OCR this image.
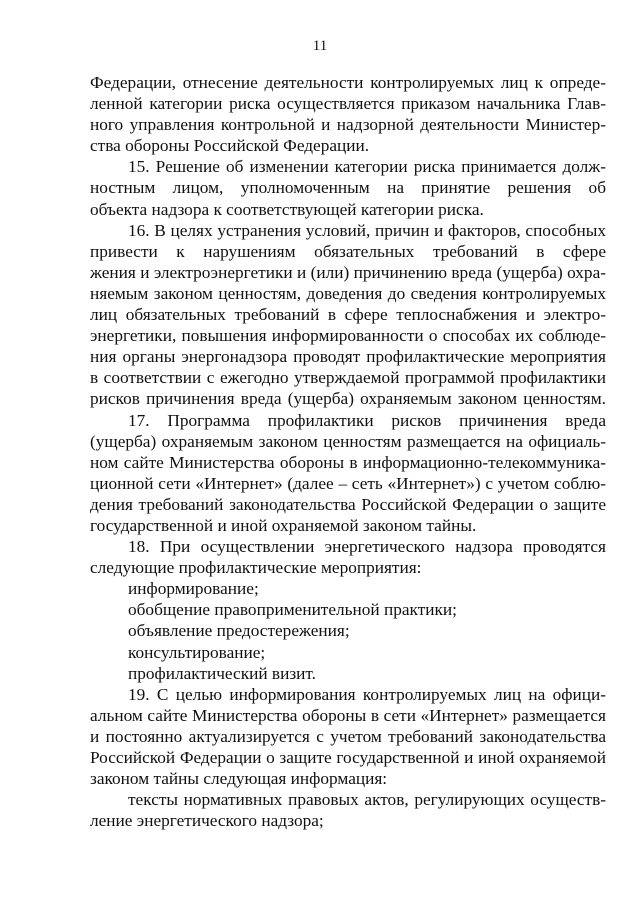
11
Федерации, отнесение деятельности контролируемых лиц к опреде-
ленной категории риска осуществляется приказом начальника Глав-
ного управления контрольной и надзорной деятельности Министер-
ства обороны Российской Федерации.
15. Решение об изменении категории риска принимается долж-
ностным лицом, уполномоченным на принятие решения об
объекта надзора к соответствующей категории риска.
16. В целях устранения условий, причин и факторов, способных
привести к нарушениям обязательных требований в сфере
жения и электроэнергетики и (или) причинению вреда (ущерба) охра-
няемым законом ценностям, доведения до сведения контролируемых
лиц обязательных требований в сфере теплоснабжения и электро-
энергетики, повышения информированности о способах их соблюде-
ния органы энергонадзора проводят профилактические мероприятия
в соответствии с ежегодно утверждаемой программой профилактики
рисков причинения вреда (ущерба) охраняемым законом ценностям.
17. Программа профилактики рисков причинения вреда
(ущерба) охраняемым законом ценностям размещается на официаль-
ном сайте Министерства обороны в информационно-телекоммуника-
ционной сети «Интернет» (далее – сеть «Интернет») с учетом соблю-
дения требований законодательства Российской Федерации о защите
государственной и иной охраняемой законом тайны.
18. При осуществлении энергетического надзора проводятся
следующие профилактические мероприятия:
информирование;
обобщение правоприменительной практики;
объявление предостережения;
консультирование;
профилактический визит.
19. С целью информирования контролируемых лиц на офици-
альном сайте Министерства обороны в сети «Интернет» размещается
и постоянно актуализируется с учетом требований законодательства
Российской Федерации о защите государственной и иной охраняемой
законом тайны следующая информация:
тексты нормативных правовых актов, регулирующих осуществ-
ление энергетического надзора;
